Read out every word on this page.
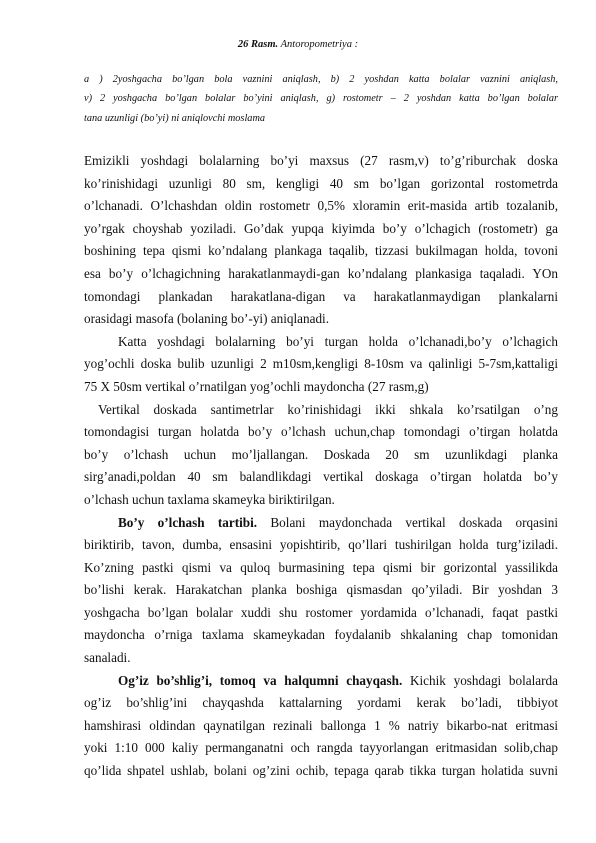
26 Rasm. Antoropometriya :
a ) 2yoshgacha bo’lgan bola vaznini aniqlash, b) 2 yoshdan katta bolalar vaznini aniqlash,
v) 2 yoshgacha bo’lgan bolalar bo’yini aniqlash, g) rostometr – 2 yoshdan katta bo’lgan bolalar
tana uzunligi (bo’yi) ni aniqlovchi moslama
Emizikli yoshdagi bolalarning bo’yi maxsus (27 rasm,v) to’g’riburchak doska
ko’rinishidagi uzunligi 80 sm, kengligi 40 sm bo’lgan gorizontal rostometrda
o’lchanadi. O’lchashdan oldin rostometr 0,5% xloramin erit-masida artib tozalanib,
yo’rgak choyshab yoziladi. Go’dak yupqa kiyimda bo’y o’lchagich (rostometr) ga
boshining tepa qismi ko’ndalang plankaga taqalib, tizzasi bukilmagan holda, tovoni
esa bo’y o’lchagichning harakatlanmaydi-gan ko’ndalang plankasiga taqaladi. YOn
tomondagi plankadan harakatlana-digan va harakatlanmaydigan plankalarni
orasidagi masofa (bolaning bo’-yi) aniqlanadi.
Katta yoshdagi bolalarning bo’yi turgan holda o’lchanadi,bo’y o’lchagich
yog’ochli doska bulib uzunligi 2 m10sm,kengligi 8-10sm va qalinligi 5-7sm,kattaligi
75 X 50sm vertikal o’rnatilgan yog’ochli maydoncha (27 rasm,g)
Vertikal doskada santimetrlar ko’rinishidagi ikki shkala ko’rsatilgan o’ng
tomondagisi turgan holatda bo’y o’lchash uchun,chap tomondagi o’tirgan holatda
bo’y o’lchash uchun mo’ljallangan. Doskada 20 sm uzunlikdagi planka
sirg’anadi,poldan 40 sm balandlikdagi vertikal doskaga o’tirgan holatda bo’y
o’lchash uchun taxlama skameyka biriktirilgan.
Bo’y o’lchash tartibi. Bolani maydonchada vertikal doskada orqasini
biriktirib, tavon, dumba, ensasini yopishtirib, qo’llari tushirilgan holda turg’iziladi.
Ko’zning pastki qismi va quloq burmasining tepa qismi bir gorizontal yassilikda
bo’lishi kerak. Harakatchan planka boshiga qismasdan qo’yiladi. Bir yoshdan 3
yoshgacha bo’lgan bolalar xuddi shu rostomer yordamida o’lchanadi, faqat pastki
maydoncha o’rniga taxlama skameykadan foydalanib shkalaning chap tomonidan
sanaladi.
Og’iz bo’shlig’i, tomoq va halqumni chayqash. Kichik yoshdagi bolalarda
og’iz bo’shlig’ini chayqashda kattalarning yordami kerak bo’ladi, tibbiyot
hamshirasi oldindan qaynatilgan rezinali ballonga 1 % natriy bikarbo-nat eritmasi
yoki 1:10 000 kaliy permanganatni och rangda tayyorlangan eritmasidan solib,chap
qo’lida shpatel ushlab, bolani og’zini ochib, tepaga qarab tikka turgan holatida suvni
